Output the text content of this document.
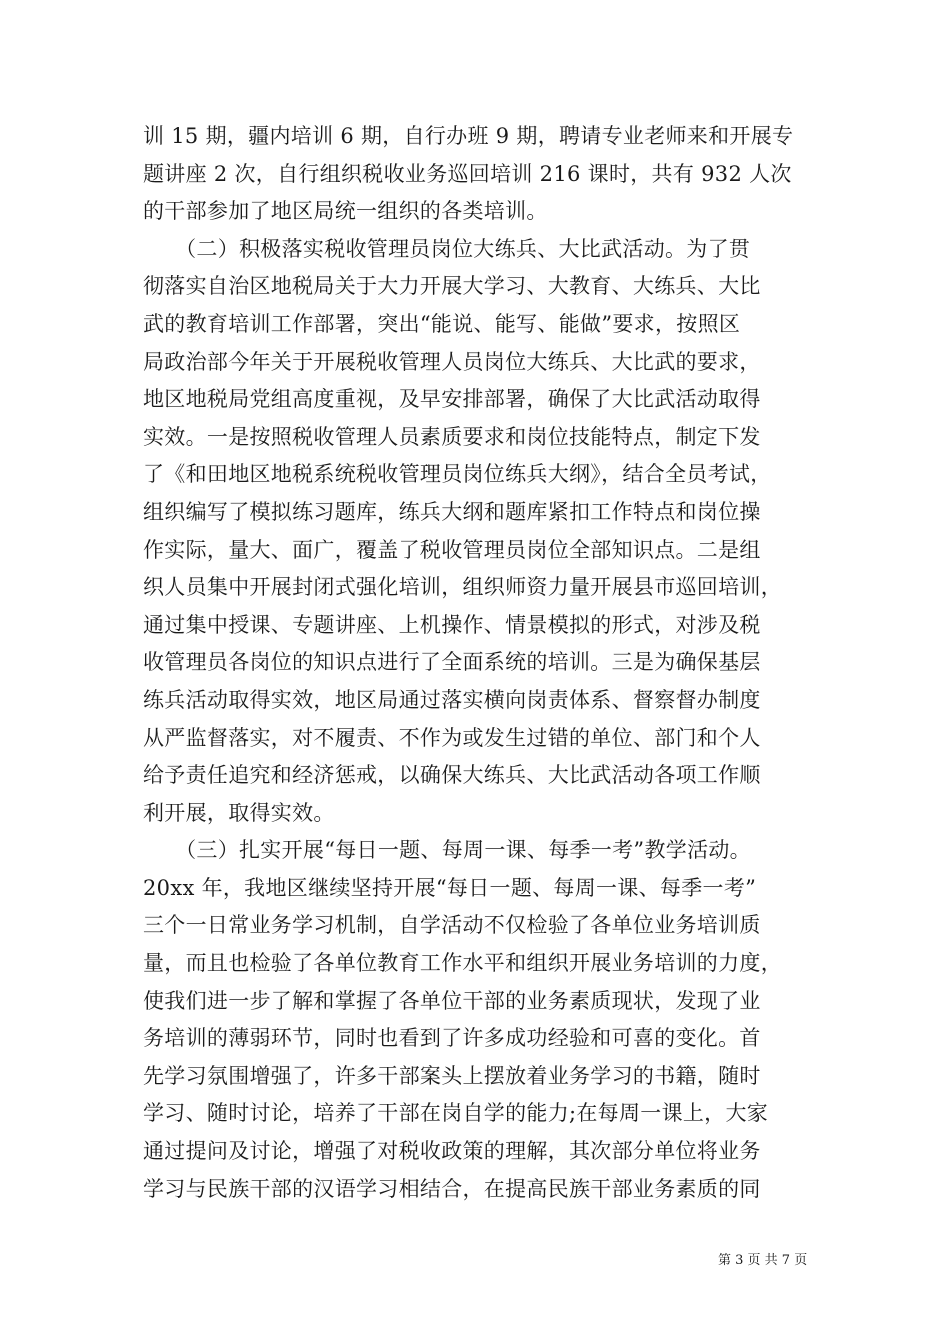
训 15 期，疆内培训 6 期，自行办班 9 期，聘请专业老师来和开展专
题讲座 2 次，自行组织税收业务巡回培训 216 课时，共有 932 人次
的干部参加了地区局统一组织的各类培训。
　　（二）积极落实税收管理员岗位大练兵、大比武活动。为了贯
彻落实自治区地税局关于大力开展大学习、大教育、大练兵、大比
武的教育培训工作部署，突出“能说、能写、能做”要求，按照区
局政治部今年关于开展税收管理人员岗位大练兵、大比武的要求，
地区地税局党组高度重视，及早安排部署，确保了大比武活动取得
实效。一是按照税收管理人员素质要求和岗位技能特点，制定下发
了《和田地区地税系统税收管理员岗位练兵大纲》，结合全员考试，
组织编写了模拟练习题库，练兵大纲和题库紧扣工作特点和岗位操
作实际，量大、面广，覆盖了税收管理员岗位全部知识点。二是组
织人员集中开展封闭式强化培训，组织师资力量开展县市巡回培训，
通过集中授课、专题讲座、上机操作、情景模拟的形式，对涉及税
收管理员各岗位的知识点进行了全面系统的培训。三是为确保基层
练兵活动取得实效，地区局通过落实横向岗责体系、督察督办制度
从严监督落实，对不履责、不作为或发生过错的单位、部门和个人
给予责任追究和经济惩戒，以确保大练兵、大比武活动各项工作顺
利开展，取得实效。
　　（三）扎实开展“每日一题、每周一课、每季一考”教学活动。
20xx 年，我地区继续坚持开展“每日一题、每周一课、每季一考”
三个一日常业务学习机制，自学活动不仅检验了各单位业务培训质
量，而且也检验了各单位教育工作水平和组织开展业务培训的力度，
使我们进一步了解和掌握了各单位干部的业务素质现状，发现了业
务培训的薄弱环节，同时也看到了许多成功经验和可喜的变化。首
先学习氛围增强了，许多干部案头上摆放着业务学习的书籍，随时
学习、随时讨论，培养了干部在岗自学的能力;在每周一课上，大家
通过提问及讨论，增强了对税收政策的理解，其次部分单位将业务
学习与民族干部的汉语学习相结合，在提高民族干部业务素质的同
第 3 页 共 7 页
